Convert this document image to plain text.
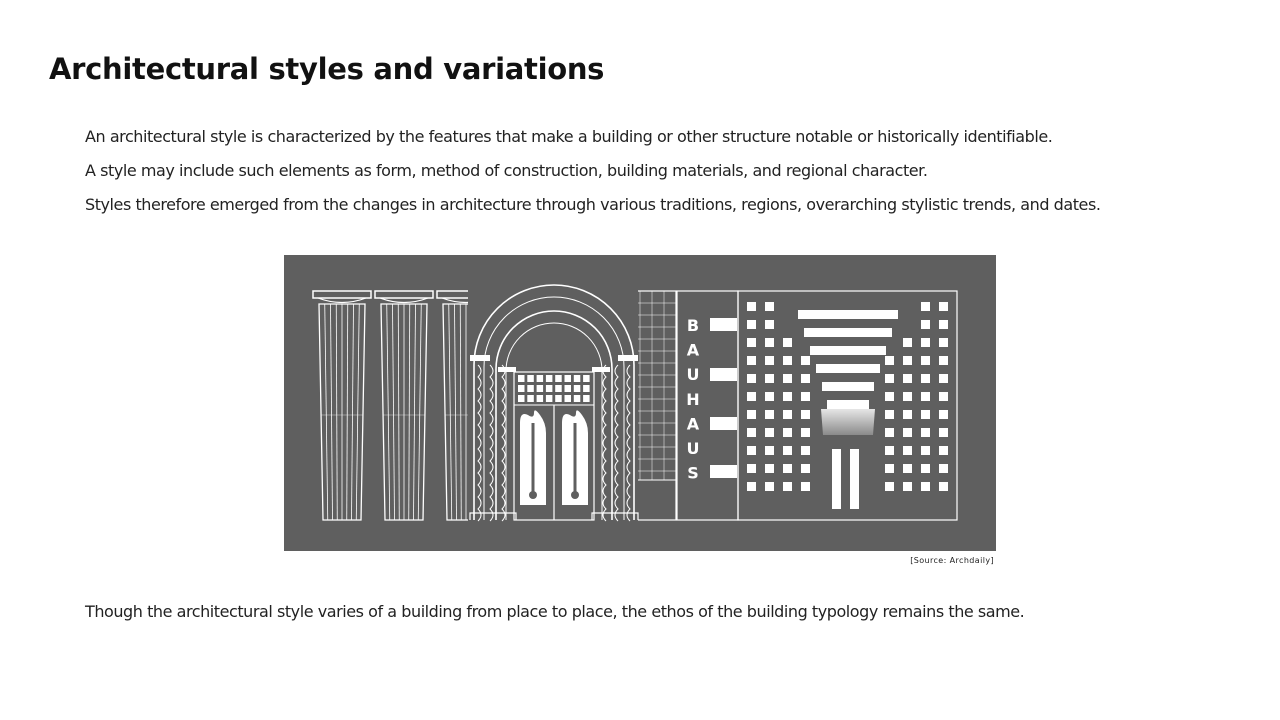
Architectural styles and variations

An architectural style is characterized by the features that make a building or other structure notable or historically identifiable.

A style may include such elements as form, method of construction, building materials, and regional character.

Styles therefore emerged from the changes in architecture through various traditions, regions, overarching stylistic trends, and dates.

B
A
U
H
A
U
S
[Source: Archdaily]

Though the architectural style varies of a building from place to place, the ethos of the building typology remains the same.
